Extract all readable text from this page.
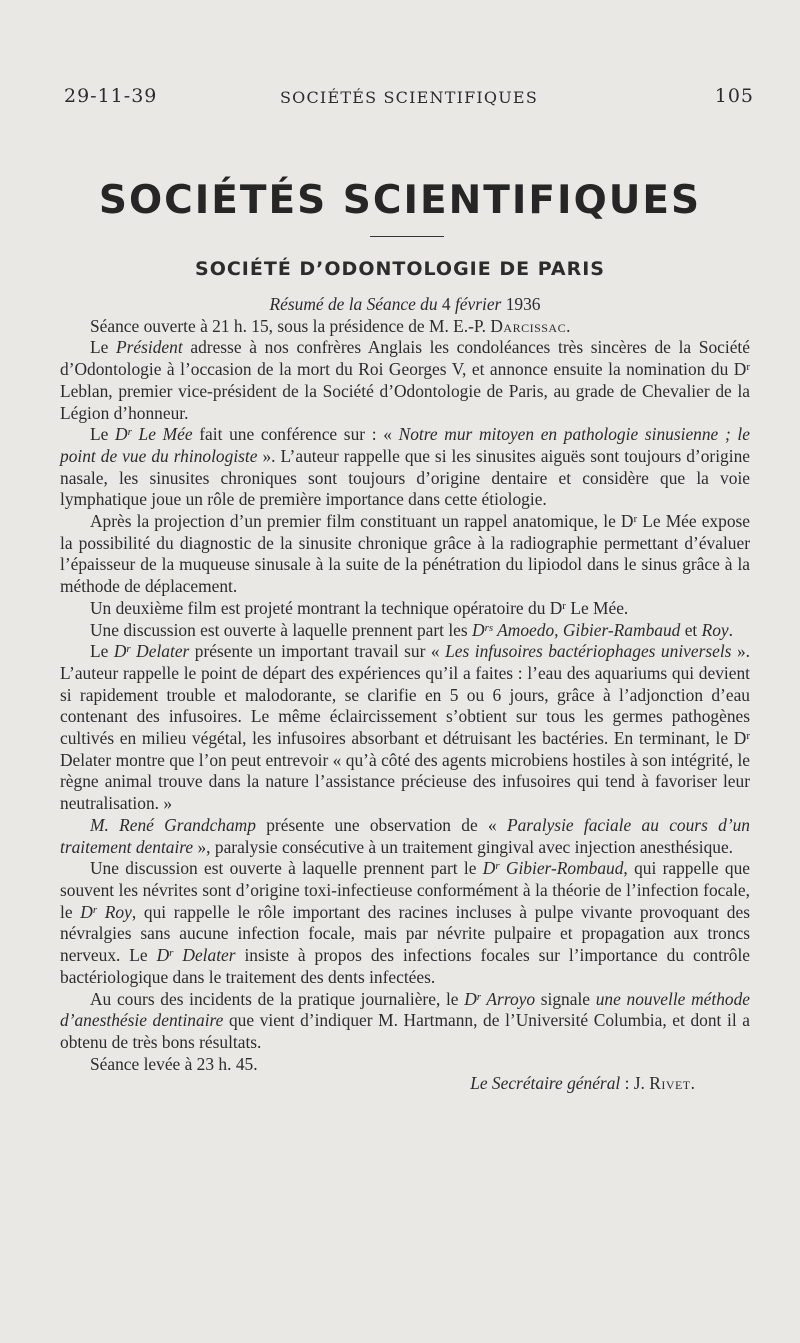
29-11-39	SOCIÉTÉS SCIENTIFIQUES	105
SOCIÉTÉS SCIENTIFIQUES
SOCIÉTÉ D’ODONTOLOGIE DE PARIS

Résumé de la Séance du 4 février 1936

Séance ouverte à 21 h. 15, sous la présidence de M. E.-P. Darcissac.

Le Président adresse à nos confrères Anglais les condoléances très sincères de la Société d’Odontologie à l’occasion de la mort du Roi Georges V, et annonce ensuite la nomination du $D^r$ Leblan, premier vice-président de la Société d’Odontologie de Paris, au grade de Chevalier de la Légion d’honneur.

Le $D^r$ Le Mée fait une conférence sur : « Notre mur mitoyen en pathologie sinusienne ; le point de vue du rhinologiste ». L’auteur rappelle que si les sinusites aiguës sont toujours d’origine nasale, les sinusites chroniques sont toujours d’origine dentaire et considère que la voie lymphatique joue un rôle de première importance dans cette étiologie.

Après la projection d’un premier film constituant un rappel anatomique, le $D^r$ Le Mée expose la possibilité du diagnostic de la sinusite chronique grâce à la radiographie permettant d’évaluer l’épaisseur de la muqueuse sinusale à la suite de la pénétration du lipiodol dans le sinus grâce à la méthode de déplacement.

Un deuxième film est projeté montrant la technique opératoire du $D^r$ Le Mée.

Une discussion est ouverte à laquelle prennent part les $D^{rs}$ Amoedo, Gibier-Rambaud et Roy.

Le $D^r$ Delater présente un important travail sur « Les infusoires bactériophages universels ». L’auteur rappelle le point de départ des expériences qu’il a faites : l’eau des aquariums qui devient si rapidement trouble et malodorante, se clarifie en 5 ou 6 jours, grâce à l’adjonction d’eau contenant des infusoires. Le même éclaircissement s’obtient sur tous les germes pathogènes cultivés en milieu végétal, les infusoires absorbant et détruisant les bactéries. En terminant, le $D^r$ Delater montre que l’on peut entrevoir « qu’à côté des agents microbiens hostiles à son intégrité, le règne animal trouve dans la nature l’assistance précieuse des infusoires qui tend à favoriser leur neutralisation. »

M. René Grandchamp présente une observation de « Paralysie faciale au cours d’un traitement dentaire », paralysie consécutive à un traitement gingival avec injection anesthésique.

Une discussion est ouverte à laquelle prennent part le $D^r$ Gibier-Rombaud, qui rappelle que souvent les névrites sont d’origine toxi-infectieuse conformément à la théorie de l’infection focale, le $D^r$ Roy, qui rappelle le rôle important des racines incluses à pulpe vivante provoquant des névralgies sans aucune infection focale, mais par névrite pulpaire et propagation aux troncs nerveux. Le $D^r$ Delater insiste à propos des infections focales sur l’importance du contrôle bactériologique dans le traitement des dents infectées.

Au cours des incidents de la pratique journalière, le $D^r$ Arroyo signale une nouvelle méthode d’anesthésie dentinaire que vient d’indiquer M. Hartmann, de l’Université Columbia, et dont il a obtenu de très bons résultats.

Séance levée à 23 h. 45.

Le Secrétaire général : J. Rivet.
